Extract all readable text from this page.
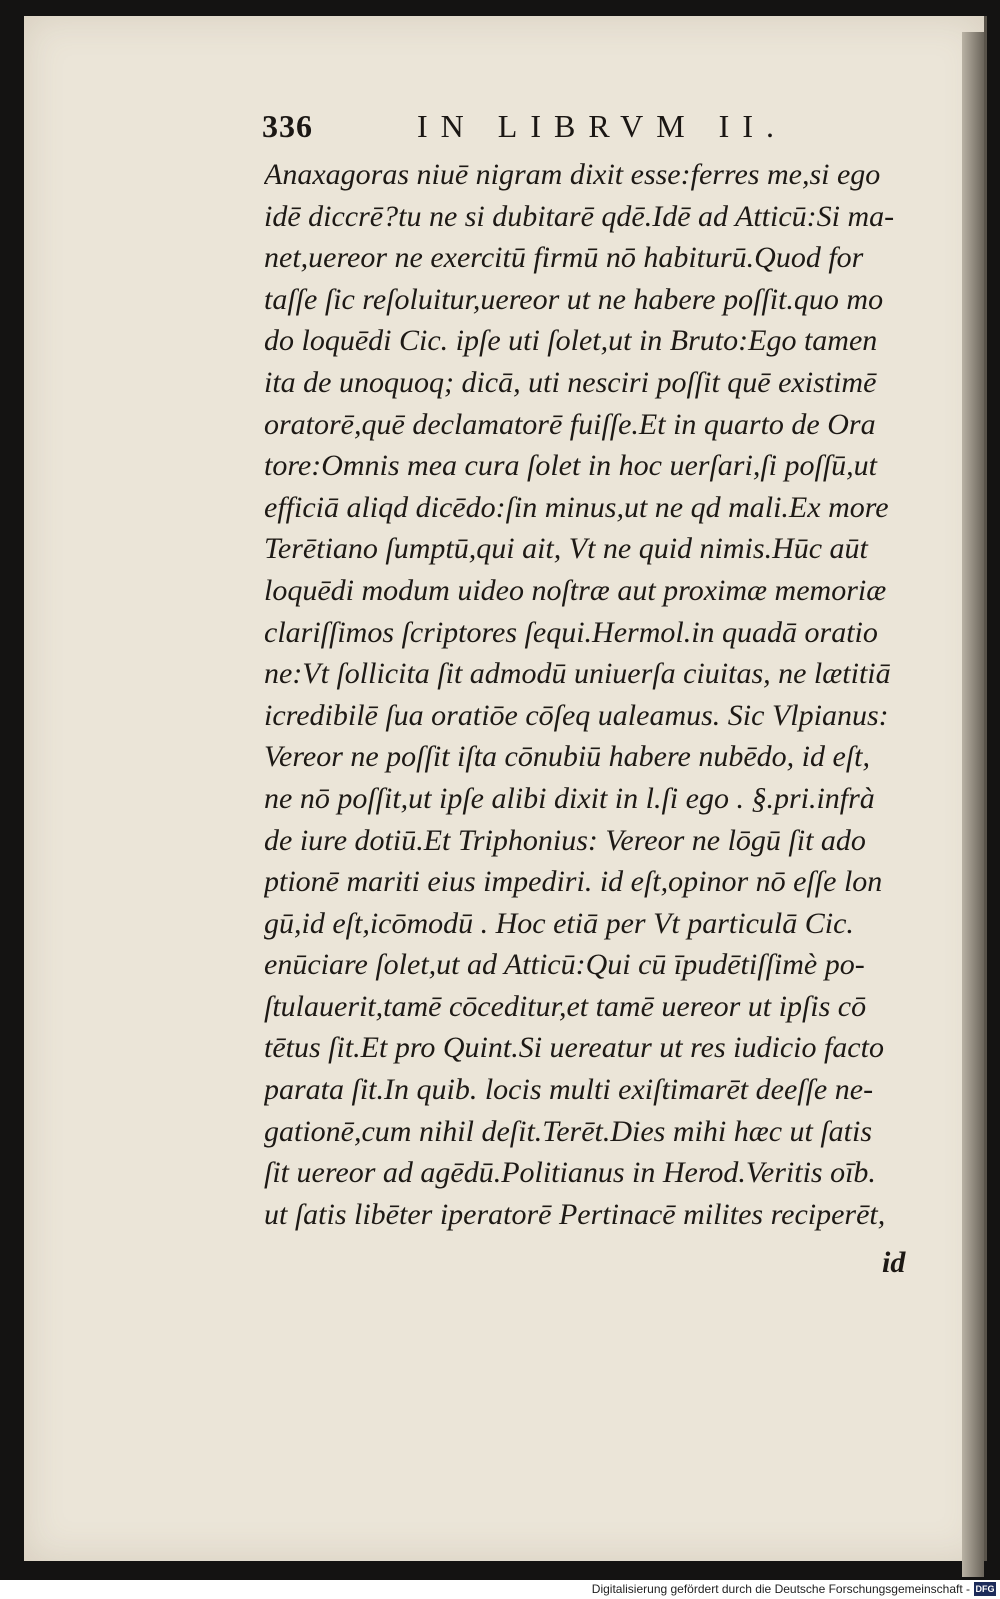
336	IN LIBRVM II.
Anaxagoras niuē nigram dixit esse:ferres me,si ego
idē diccrē?tu ne si dubitarē qdē.Idē ad Atticū:Si ma-
net,uereor ne exercitū firmū nō habiturū.Quod for
taſſe ſic reſoluitur,uereor ut ne habere poſſit.quo mo
do loquēdi Cic. ipſe uti ſolet,ut in Bruto:Ego tamen
ita de unoquoq; dicā, uti nesciri poſſit quē existimē
oratorē,quē declamatorē fuiſſe.Et in quarto de Ora
tore:Omnis mea cura ſolet in hoc uerſari,ſi poſſū,ut
efficiā aliqd dicēdo:ſin minus,ut ne qd mali.Ex more
Terētiano ſumptū,qui ait, Vt ne quid nimis.Hūc aūt
loquēdi modum uideo noſtræ aut proximæ memoriæ
clariſſimos ſcriptores ſequi.Hermol.in quadā oratio
ne:Vt ſollicita ſit admodū uniuerſa ciuitas, ne lætitiā
icredibilē ſua oratiōe cōſeq ualeamus. Sic Vlpianus:
Vereor ne poſſit iſta cōnubiū habere nubēdo, id eſt,
ne nō poſſit,ut ipſe alibi dixit in l.ſi ego . §.pri.infrà
de iure dotiū.Et Triphonius: Vereor ne lōgū ſit ado
ptionē mariti eius impediri. id eſt,opinor nō eſſe lon
gū,id eſt,icōmodū . Hoc etiā per Vt particulā Cic.
enūciare ſolet,ut ad Atticū:Qui cū īpudētiſſimè po-
ſtulauerit,tamē cōceditur,et tamē uereor ut ipſis cō
tētus ſit.Et pro Quint.Si uereatur ut res iudicio facto
parata ſit.In quib. locis multi exiſtimarēt deeſſe ne-
gationē,cum nihil deſit.Terēt.Dies mihi hæc ut ſatis
ſit uereor ad agēdū.Politianus in Herod.Veritis oīb.
ut ſatis libēter iperatorē Pertinacē milites reciperēt,
id
Digitalisierung gefördert durch die Deutsche Forschungsgemeinschaft - DFG
